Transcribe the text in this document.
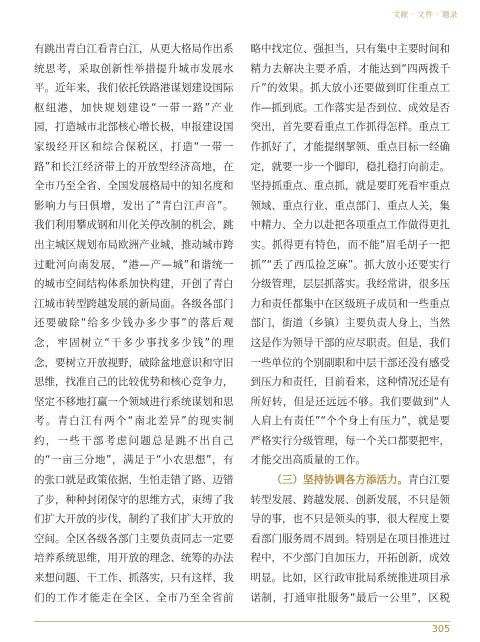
文献 · 文件 · 题录

有跳出青白江看青白江，从更大格局作出系统思考，采取创新性举措提升城市发展水平。近年来，我们依托铁路港谋划建设国际枢纽港，加快规划建设“一带一路”产业园，打造城市北部核心增长极，申报建设国家级经开区和综合保税区，打造“一带一路”和长江经济带上的开放型经济高地，在全市乃至全省、全国发展格局中的知名度和影响力与日俱增，发出了“青白江声音”。我们利用攀成钢和川化关停改制的机会，跳出主城区规划布局欧洲产业城，推动城市跨过毗河向南发展，“港—产—城”和谐统一的城市空间结构体系加快构建，开创了青白江城市转型跨越发展的新局面。各级各部门还要破除“给多少钱办多少事”的落后观念，牢固树立“干多少事找多少钱”的理念，要树立开放视野，破除盆地意识和守旧思维，找准自己的比较优势和核心竞争力，坚定不移地打赢一个领域进行系统谋划和思考。青白江有两个“南北差异”的现实制约，一些干部考虑问题总是跳不出自己的“一亩三分地”，满足于“小农思想”，有的张口就是政策依据，生怕走错了路、迈错了步，种种封闭保守的思维方式，束缚了我们扩大开放的步伐，制约了我们扩大开放的空间。全区各级各部门主要负责同志一定要培养系统思维，用开放的理念、统筹的办法来想问题、干工作、抓落实，只有这样，我们的工作才能走在全区、全市乃至全省前

略中找定位、强担当，只有集中主要时间和精力去解决主要矛盾，才能达到“四两拨千斤”的效果。抓大放小还要做到盯住重点工作—抓到底。工作落实是否到位、成效是否突出，首先要看重点工作抓得怎样。重点工作抓好了，才能提纲挈领、重点目标一经确定，就要一步一个脚印，稳扎稳打向前走。坚持抓重点、重点抓，就是要盯死看牢重点领域、重点行业、重点部门、重点人关，集中精力、全力以赴把各项重点工作做得更扎实。抓得更有特色，而不能“眉毛胡子一把抓”“丢了西瓜捡芝麻”。抓大放小还要实行分级管理，层层抓落实。我经常讲，很多压力和责任都集中在区级班子成员和一些重点部门，街道（乡镇）主要负责人身上，当然这是作为领导干部的应尽职责。但是，我们一些单位的个别副职和中层干部还没有感受到压力和责任，目前看来，这种情况还是有所好转，但是还远远不够。我们要做到“人人肩上有责任”“个个身上有压力”，就是要严格实行分级管理，每一个关口都要把牢，才能交出高质量的工作。

（三）坚持协调各方添活力。青白江要转型发展、跨越发展、创新发展，不只是领导的事，也不只是领头的事，很大程度上要看部门服务周不周到。特别是在项目推进过程中，不少部门自加压力，开拓创新，成效明显。比如，区行政审批局系统推进项目承诺制，打通审批服务“最后一公里”，区税

305
